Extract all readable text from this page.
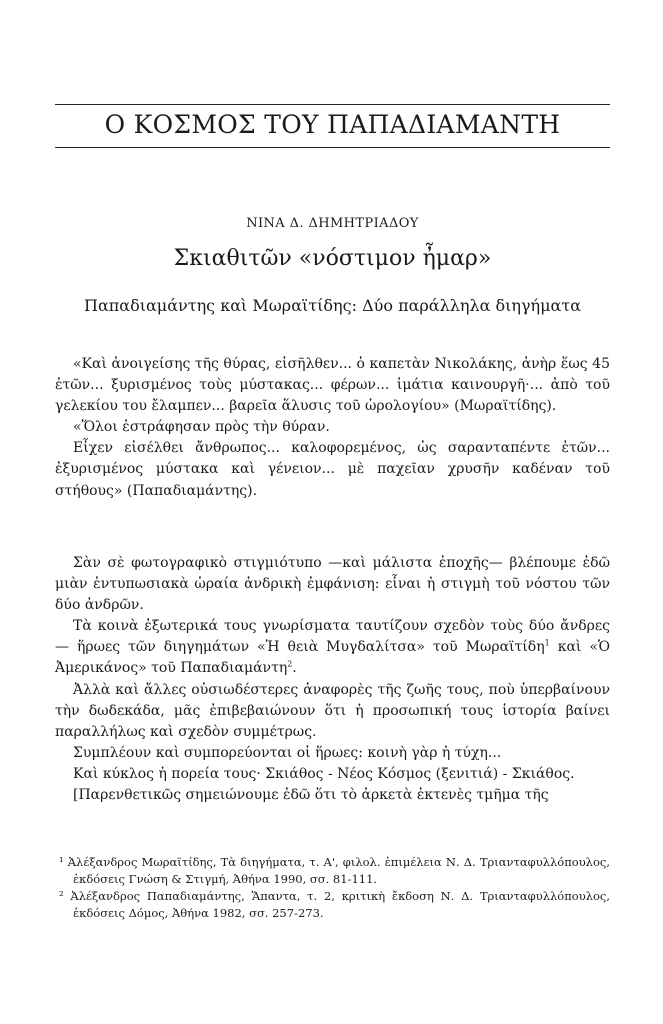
Ο ΚΟΣΜΟΣ ΤΟΥ ΠΑΠΑΔΙΑΜΑΝΤΗ
ΝΙΝΑ Δ. ΔΗΜΗΤΡΙΑΔΟΥ
Σκιαθιτῶν «νόστιμον ἦμαρ»
Παπαδιαμάντης καὶ Μωραϊτίδης: Δύο παράλληλα διηγήματα

«Καὶ ἀνοιγείσης τῆς θύρας, εἰσῆλθεν... ὁ καπετὰν Νικολάκης, ἀνὴρ ἕως 45 ἐτῶν... ξυρισμένος τοὺς μύστακας... φέρων... ἱμάτια καινουργῆ·... ἀπὸ τοῦ γελεκίου του ἔλαμπεν... βαρεῖα ἅλυσις τοῦ ὡρολογίου» (Μωραϊτίδης).

«Ὅλοι ἐστράφησαν πρὸς τὴν θύραν.

Εἶχεν εἰσέλθει ἄνθρωπος... καλοφορεμένος, ὡς σαρανταπέντε ἐτῶν... ἐξυρισμένος μύστακα καὶ γένειον... μὲ παχεῖαν χρυσῆν καδέναν τοῦ στήθους» (Παπαδιαμάντης).

Σὰν σὲ φωτογραφικὸ στιγμιότυπο —καὶ μάλιστα ἐποχῆς— βλέπουμε ἐδῶ μιὰν ἐντυπωσιακὰ ὡραία ἀνδρικὴ ἐμφάνιση: εἶναι ἡ στιγμὴ τοῦ νόστου τῶν δύο ἀνδρῶν.

Τὰ κοινὰ ἐξωτερικά τους γνωρίσματα ταυτίζουν σχεδὸν τοὺς δύο ἄνδρες — ἥρωες τῶν διηγημάτων «Ἡ θειὰ Μυγδαλίτσα» τοῦ Μωραϊτίδη$^1$ καὶ «Ὁ Ἀμερικάνος» τοῦ Παπαδιαμάντη$^2$.

Ἀλλὰ καὶ ἄλλες οὐσιωδέστερες ἀναφορὲς τῆς ζωῆς τους, ποὺ ὑπερβαίνουν τὴν δωδεκάδα, μᾶς ἐπιβεβαιώνουν ὅτι ἡ προσωπική τους ἱστορία βαίνει παραλλήλως καὶ σχεδὸν συμμέτρως.

Συμπλέουν καὶ συμπορεύονται οἱ ἥρωες: κοινὴ γὰρ ἡ τύχη...

Καὶ κύκλος ἡ πορεία τους· Σκιάθος - Νέος Κόσμος (ξενιτιά) - Σκιάθος.

[Παρενθετικῶς σημειώνουμε ἐδῶ ὅτι τὸ ἀρκετὰ ἐκτενὲς τμῆμα τῆς

¹ Ἀλέξανδρος Μωραϊτίδης, Τὰ διηγήματα, τ. Α', φιλολ. ἐπιμέλεια Ν. Δ. Τριανταφυλλόπουλος, ἐκδόσεις Γνώση & Στιγμή, Ἀθήνα 1990, σσ. 81-111.

² Ἀλέξανδρος Παπαδιαμάντης, Ἅπαντα, τ. 2, κριτικὴ ἔκδοση Ν. Δ. Τριανταφυλλόπουλος, ἐκδόσεις Δόμος, Ἀθήνα 1982, σσ. 257-273.
